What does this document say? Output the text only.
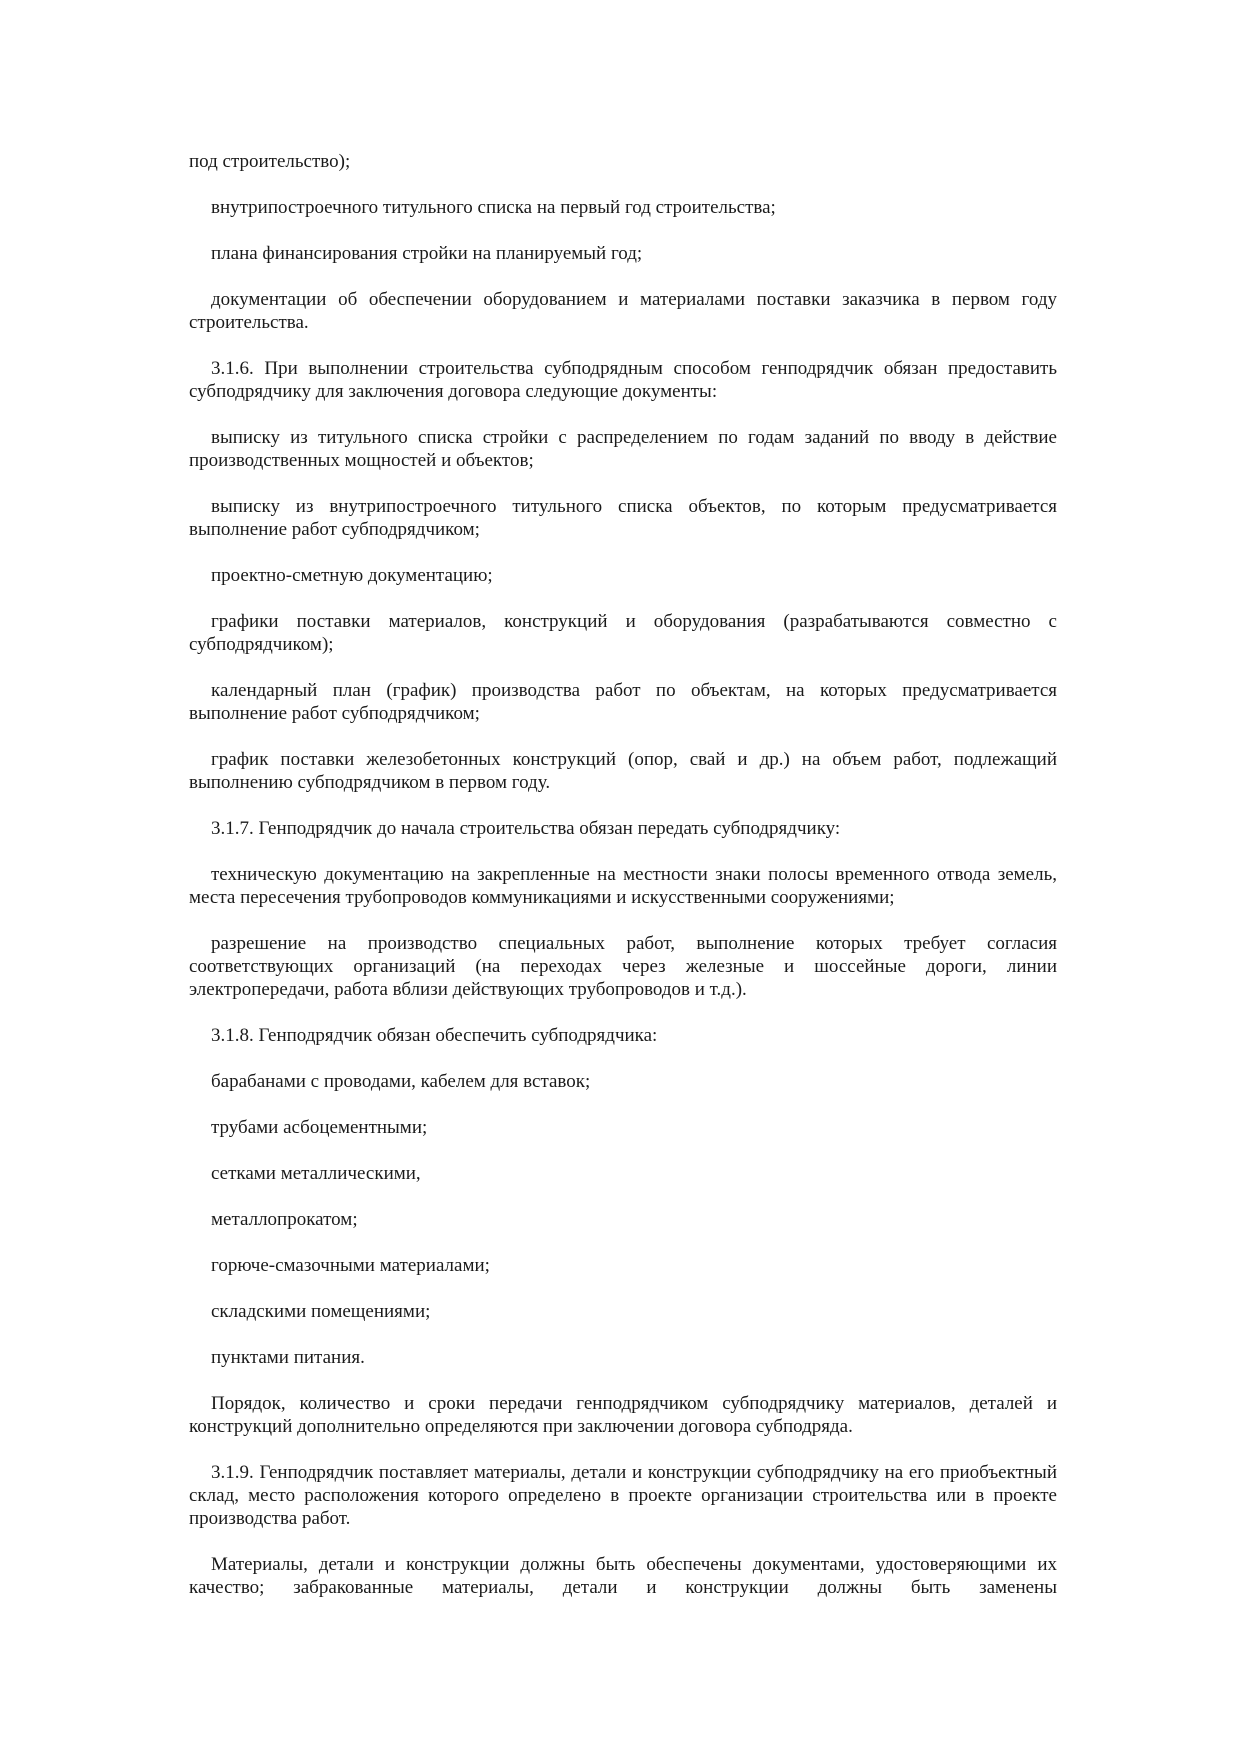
под строительство);

внутрипостроечного титульного списка на первый год строительства;

плана финансирования стройки на планируемый год;

документации об обеспечении оборудованием и материалами поставки заказчика в первом году строительства.

3.1.6. При выполнении строительства субподрядным способом генподрядчик обязан предоставить субподрядчику для заключения договора следующие документы:

выписку из титульного списка стройки с распределением по годам заданий по вводу в действие производственных мощностей и объектов;

выписку из внутрипостроечного титульного списка объектов, по которым предусматривается выполнение работ субподрядчиком;

проектно-сметную документацию;

графики поставки материалов, конструкций и оборудования (разрабатываются совместно с субподрядчиком);

календарный план (график) производства работ по объектам, на которых предусматривается выполнение работ субподрядчиком;

график поставки железобетонных конструкций (опор, свай и др.) на объем работ, подлежащий выполнению субподрядчиком в первом году.

3.1.7. Генподрядчик до начала строительства обязан передать субподрядчику:

техническую документацию на закрепленные на местности знаки полосы временного отвода земель, места пересечения трубопроводов коммуникациями и искусственными сооружениями;

разрешение на производство специальных работ, выполнение которых требует согласия соответствующих организаций (на переходах через железные и шоссейные дороги, линии электропередачи, работа вблизи действующих трубопроводов и т.д.).

3.1.8. Генподрядчик обязан обеспечить субподрядчика:

барабанами с проводами, кабелем для вставок;

трубами асбоцементными;

сетками металлическими,

металлопрокатом;

горюче-смазочными материалами;

складскими помещениями;

пунктами питания.

Порядок, количество и сроки передачи генподрядчиком субподрядчику материалов, деталей и конструкций дополнительно определяются при заключении договора субподряда.

3.1.9. Генподрядчик поставляет материалы, детали и конструкции субподрядчику на его приобъектный склад, место расположения которого определено в проекте организации строительства или в проекте производства работ.

Материалы, детали и конструкции должны быть обеспечены документами, удостоверяющими их качество; забракованные материалы, детали и конструкции должны быть заменены
